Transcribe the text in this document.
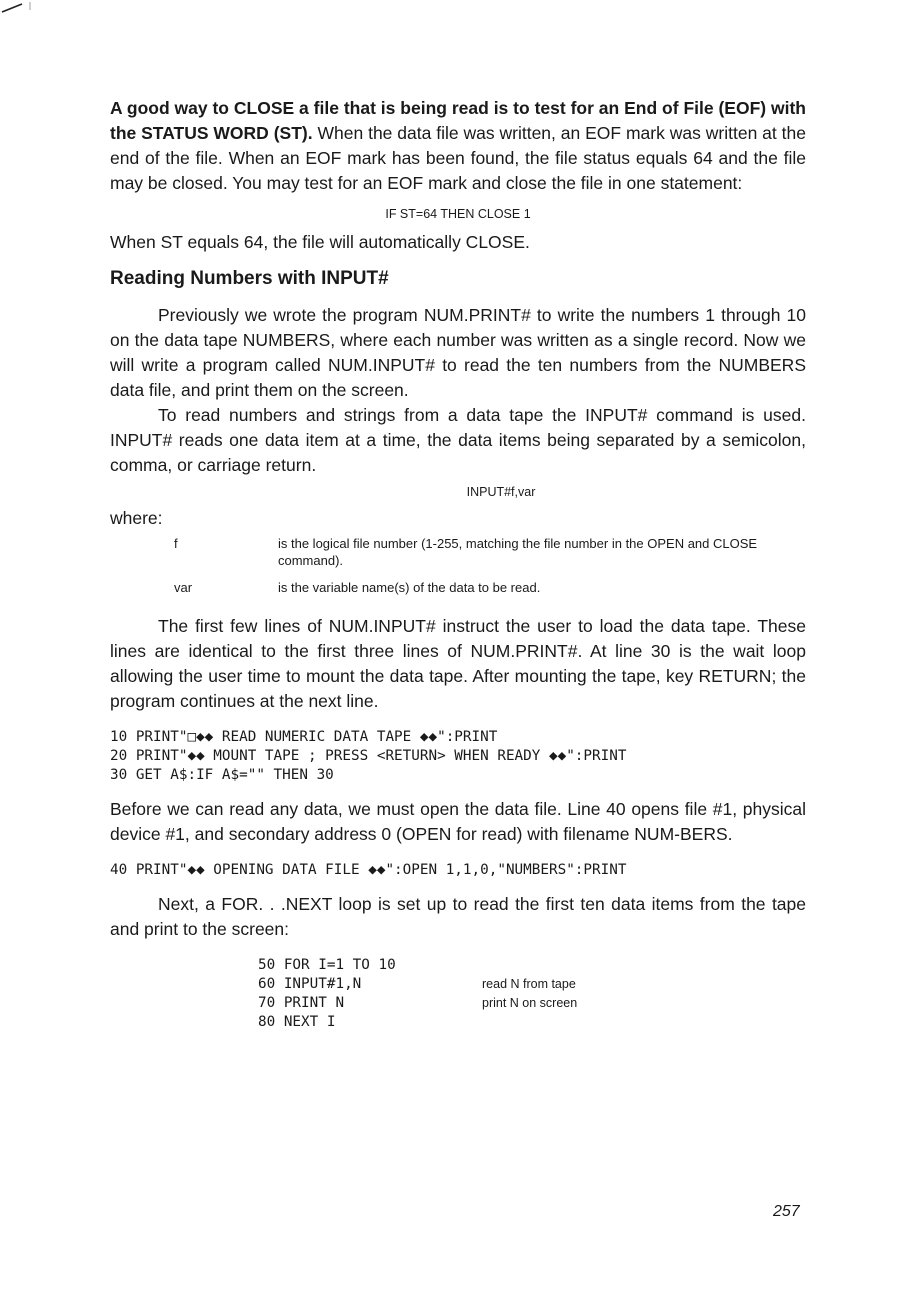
A good way to CLOSE a file that is being read is to test for an End of File (EOF) with the STATUS WORD (ST). When the data file was written, an EOF mark was written at the end of the file. When an EOF mark has been found, the file status equals 64 and the file may be closed. You may test for an EOF mark and close the file in one statement:

IF ST=64 THEN CLOSE 1

When ST equals 64, the file will automatically CLOSE.

Reading Numbers with INPUT#

Previously we wrote the program NUM.PRINT# to write the numbers 1 through 10 on the data tape NUMBERS, where each number was written as a single record. Now we will write a program called NUM.INPUT# to read the ten numbers from the NUMBERS data file, and print them on the screen.

To read numbers and strings from a data tape the INPUT# command is used. INPUT# reads one data item at a time, the data items being separated by a semicolon, comma, or carriage return.

INPUT#f,var

where:

f	is the logical file number (1-255, matching the file number in the OPEN and CLOSE command).
var	is the variable name(s) of the data to be read.

The first few lines of NUM.INPUT# instruct the user to load the data tape. These lines are identical to the first three lines of NUM.PRINT#. At line 30 is the wait loop allowing the user time to mount the data tape. After mounting the tape, key RETURN; the program continues at the next line.

10 PRINT"□◆◆ READ NUMERIC DATA TAPE ◆◆":PRINT
20 PRINT"◆◆ MOUNT TAPE ; PRESS <RETURN> WHEN READY ◆◆":PRINT
30 GET A$:IF A$="" THEN 30

Before we can read any data, we must open the data file. Line 40 opens file #1, physical device #1, and secondary address 0 (OPEN for read) with filename NUM-BERS.

40 PRINT"◆◆ OPENING DATA FILE ◆◆":OPEN 1,1,0,"NUMBERS":PRINT

Next, a FOR. . .NEXT loop is set up to read the first ten data items from the tape and print to the screen:

50 FOR I=1 TO 10
60 INPUT#1,N	read N from tape
70 PRINT N	print N on screen
80 NEXT I
257
